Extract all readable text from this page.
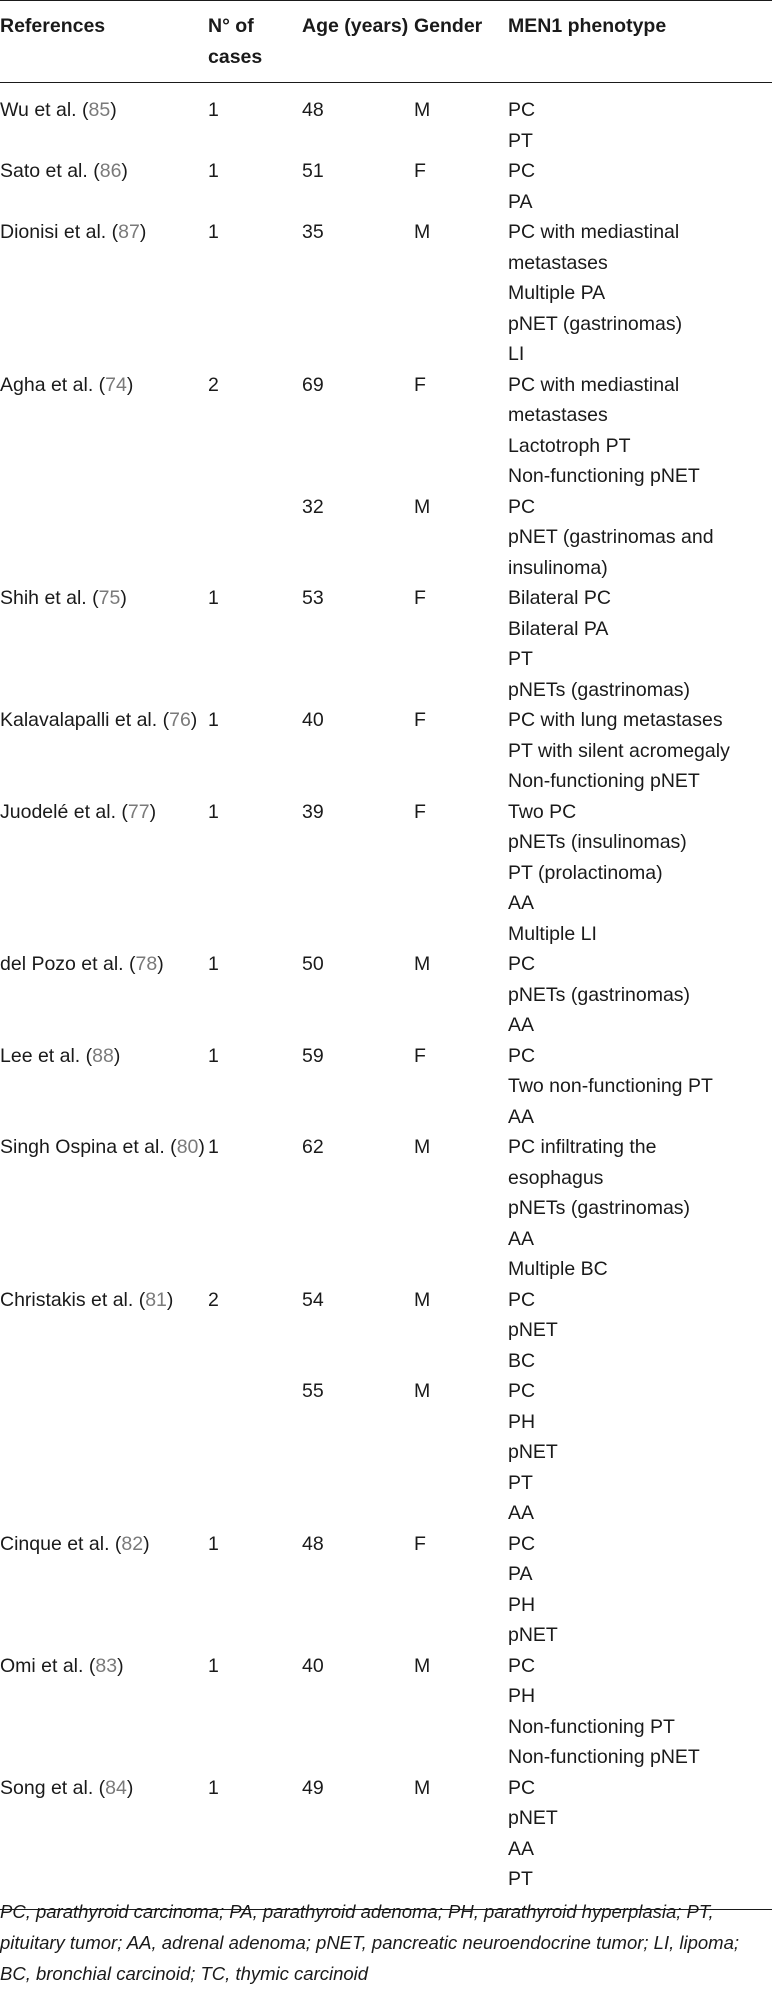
References	N° of cases	Age (years)	Gender	MEN1 phenotype
Wu et al. (85)	1	48	M	PC
PT

Sato et al. (86)	1	51	F	PC
PA

Dionisi et al. (87)	1	35	M	PC with mediastinal
metastases
Multiple PA
pNET (gastrinomas)
LI

Agha et al. (74)	2	69	F	PC with mediastinal
metastases
Lactotroph PT
Non-functioning pNET

		32	M	PC
pNET (gastrinomas and
insulinoma)

Shih et al. (75)	1	53	F	Bilateral PC
Bilateral PA
PT
pNETs (gastrinomas)

Kalavalapalli et al. (76)	1	40	F	PC with lung metastases
PT with silent acromegaly
Non-functioning pNET

Juodelé et al. (77)	1	39	F	Two PC
pNETs (insulinomas)
PT (prolactinoma)
AA
Multiple LI

del Pozo et al. (78)	1	50	M	PC
pNETs (gastrinomas)
AA

Lee et al. (88)	1	59	F	PC
Two non-functioning PT
AA

Singh Ospina et al. (80)	1	62	M	PC infiltrating the
esophagus
pNETs (gastrinomas)
AA
Multiple BC

Christakis et al. (81)	2	54	M	PC
pNET
BC

		55	M	PC
PH
pNET
PT
AA

Cinque et al. (82)	1	48	F	PC
PA
PH
pNET

Omi et al. (83)	1	40	M	PC
PH
Non-functioning PT
Non-functioning pNET

Song et al. (84)	1	49	M	PC
pNET
AA
PT
PC, parathyroid carcinoma; PA, parathyroid adenoma; PH, parathyroid hyperplasia; PT, pituitary tumor; AA, adrenal adenoma; pNET, pancreatic neuroendocrine tumor; LI, lipoma; BC, bronchial carcinoid; TC, thymic carcinoid
